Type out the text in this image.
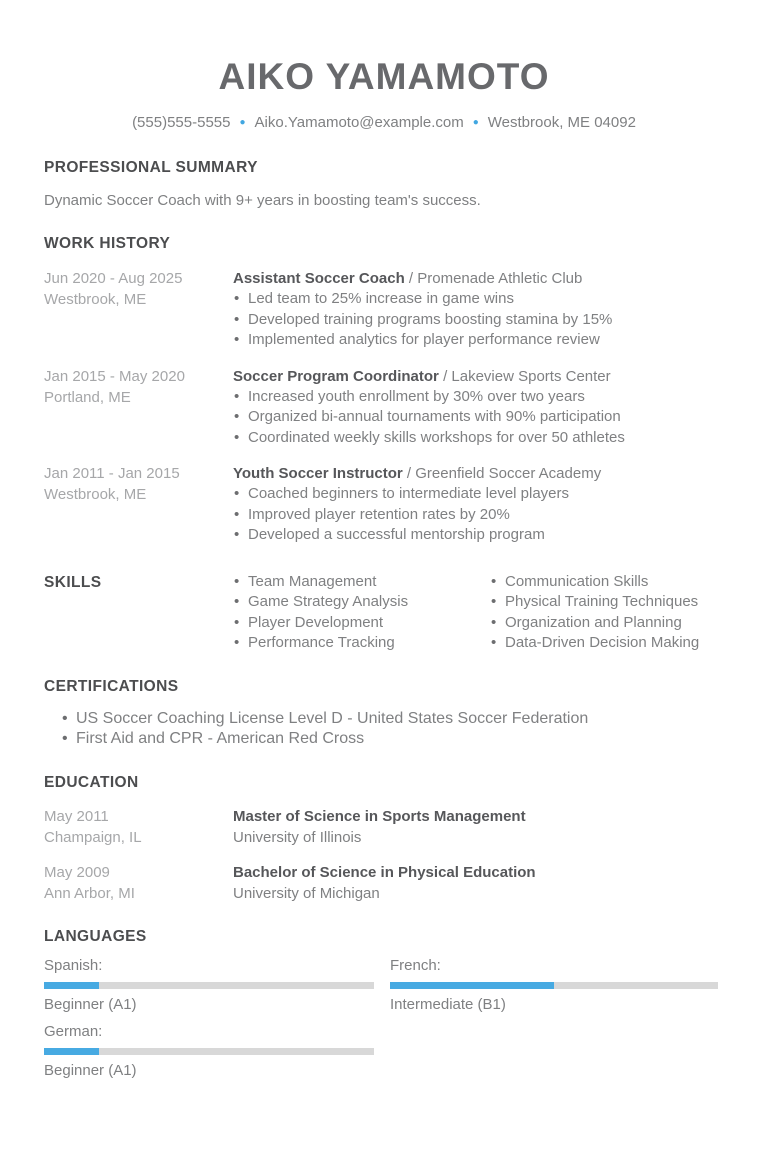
AIKO YAMAMOTO
(555)555-5555 ● Aiko.Yamamoto@example.com ● Westbrook, ME 04092
PROFESSIONAL SUMMARY
Dynamic Soccer Coach with 9+ years in boosting team's success.
WORK HISTORY
Jun 2020 - Aug 2025
Westbrook, ME
Assistant Soccer Coach / Promenade Athletic Club
• Led team to 25% increase in game wins
• Developed training programs boosting stamina by 15%
• Implemented analytics for player performance review
Jan 2015 - May 2020
Portland, ME
Soccer Program Coordinator / Lakeview Sports Center
• Increased youth enrollment by 30% over two years
• Organized bi-annual tournaments with 90% participation
• Coordinated weekly skills workshops for over 50 athletes
Jan 2011 - Jan 2015
Westbrook, ME
Youth Soccer Instructor / Greenfield Soccer Academy
• Coached beginners to intermediate level players
• Improved player retention rates by 20%
• Developed a successful mentorship program
SKILLS	• Team Management
• Game Strategy Analysis
• Player Development
• Performance Tracking
• Communication Skills
• Physical Training Techniques
• Organization and Planning
• Data-Driven Decision Making
CERTIFICATIONS
• US Soccer Coaching License Level D - United States Soccer Federation
• First Aid and CPR - American Red Cross
EDUCATION
May 2011
Champaign, IL
Master of Science in Sports Management
University of Illinois
May 2009
Ann Arbor, MI
Bachelor of Science in Physical Education
University of Michigan
LANGUAGES
Spanish:
Beginner (A1)
French:
Intermediate (B1)
German:
Beginner (A1)
